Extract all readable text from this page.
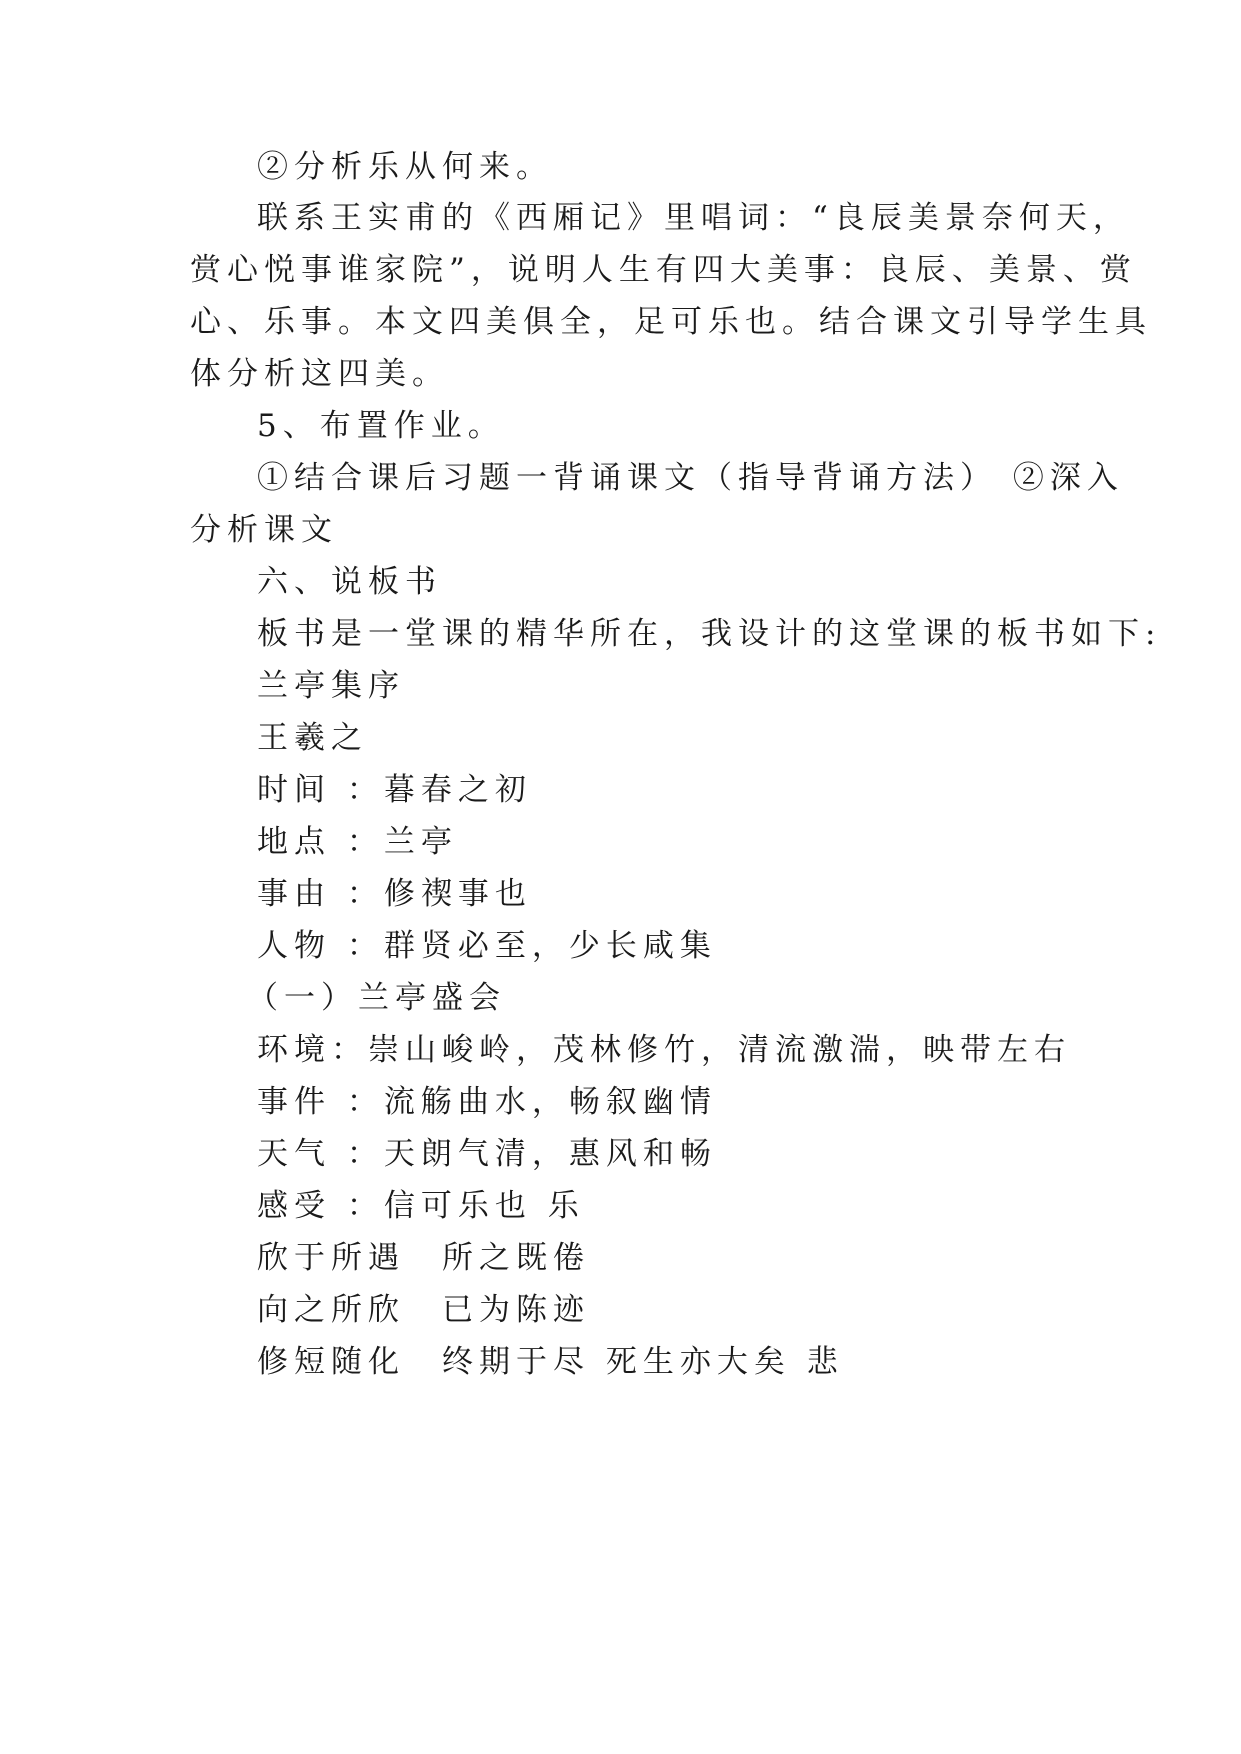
②分析乐从何来。
联系王实甫的《西厢记》里唱词：“良辰美景奈何天，
赏心悦事谁家院”，说明人生有四大美事：良辰、美景、赏
心、乐事。本文四美俱全，足可乐也。结合课文引导学生具
体分析这四美。
5、布置作业。
①结合课后习题一背诵课文（指导背诵方法） ②深入
分析课文
六、说板书
板书是一堂课的精华所在，我设计的这堂课的板书如下:
兰亭集序
王羲之
时间 ：暮春之初
地点 ：兰亭
事由 ：修禊事也
人物 ：群贤必至，少长咸集
（一）兰亭盛会
环境：崇山峻岭，茂林修竹，清流激湍，映带左右
事件 ：流觞曲水，畅叙幽情
天气 ：天朗气清，惠风和畅
感受 ：信可乐也 乐
欣于所遇　所之既倦
向之所欣　已为陈迹
修短随化　终期于尽 死生亦大矣 悲
